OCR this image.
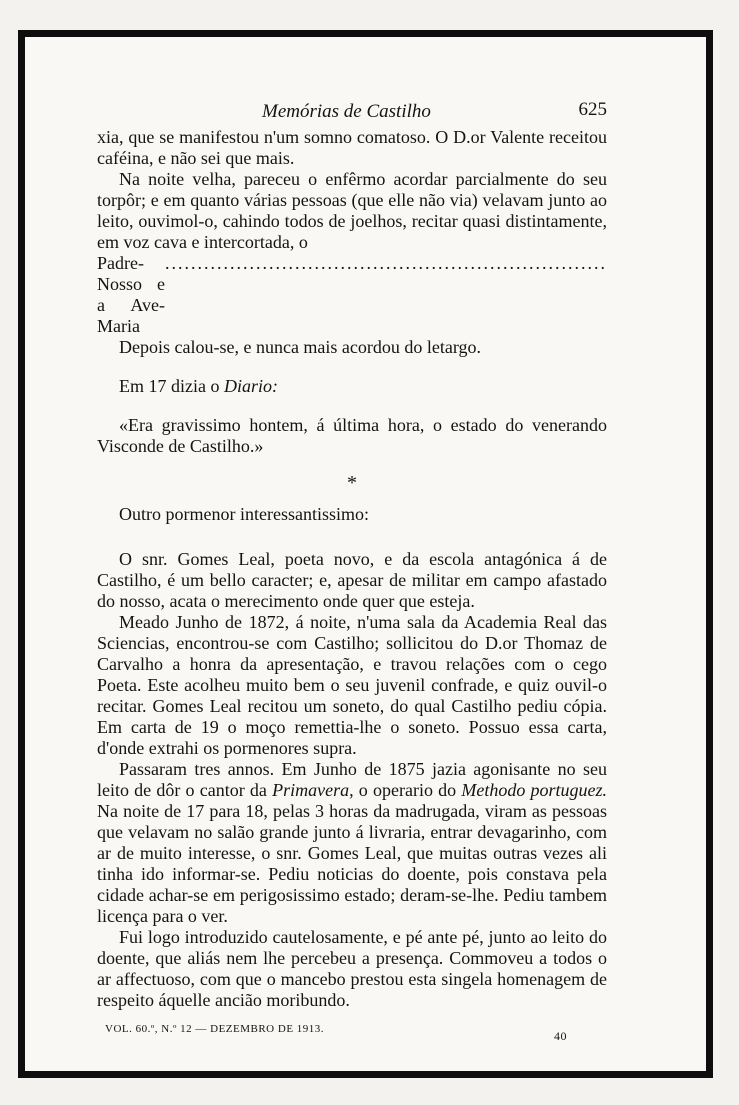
Memórias de Castilho	625

xia, que se manifestou n'um somno comatoso. O D.or Valente receitou caféina, e não sei que mais.

Na noite velha, pareceu o enfêrmo acordar parcialmente do seu torpôr; e em quanto várias pessoas (que elle não via) velavam junto ao leito, ouvimol-o, cahindo todos de joelhos, recitar quasi distintamente, em voz cava e intercortada, o

Padre-Nosso e a Ave-Maria
....................................................................

Depois calou-se, e nunca mais acordou do letargo.

Em 17 dizia o Diario:

«Era gravissimo hontem, á última hora, o estado do venerando Visconde de Castilho.»

*

Outro pormenor interessantissimo:

O snr. Gomes Leal, poeta novo, e da escola antagónica á de Castilho, é um bello caracter; e, apesar de militar em campo afastado do nosso, acata o merecimento onde quer que esteja.

Meado Junho de 1872, á noite, n'uma sala da Academia Real das Sciencias, encontrou-se com Castilho; sollicitou do D.or Thomaz de Carvalho a honra da apresentação, e travou relações com o cego Poeta. Este acolheu muito bem o seu juvenil confrade, e quiz ouvil-o recitar. Gomes Leal recitou um soneto, do qual Castilho pediu cópia. Em carta de 19 o moço remettia-lhe o soneto. Possuo essa carta, d'onde extrahi os pormenores supra.

Passaram tres annos. Em Junho de 1875 jazia agonisante no seu leito de dôr o cantor da Primavera, o operario do Methodo portuguez. Na noite de 17 para 18, pelas 3 horas da madrugada, viram as pessoas que velavam no salão grande junto á livraria, entrar devagarinho, com ar de muito interesse, o snr. Gomes Leal, que muitas outras vezes ali tinha ido informar-se. Pediu noticias do doente, pois constava pela cidade achar-se em perigosissimo estado; deram-se-lhe. Pediu tambem licença para o ver.

Fui logo introduzido cautelosamente, e pé ante pé, junto ao leito do doente, que aliás nem lhe percebeu a presença. Commoveu a todos o ar affectuoso, com que o mancebo prestou esta singela homenagem de respeito áquelle ancião moribundo.

VOL. 60.º, N.º 12 — DEZEMBRO DE 1913.	40
